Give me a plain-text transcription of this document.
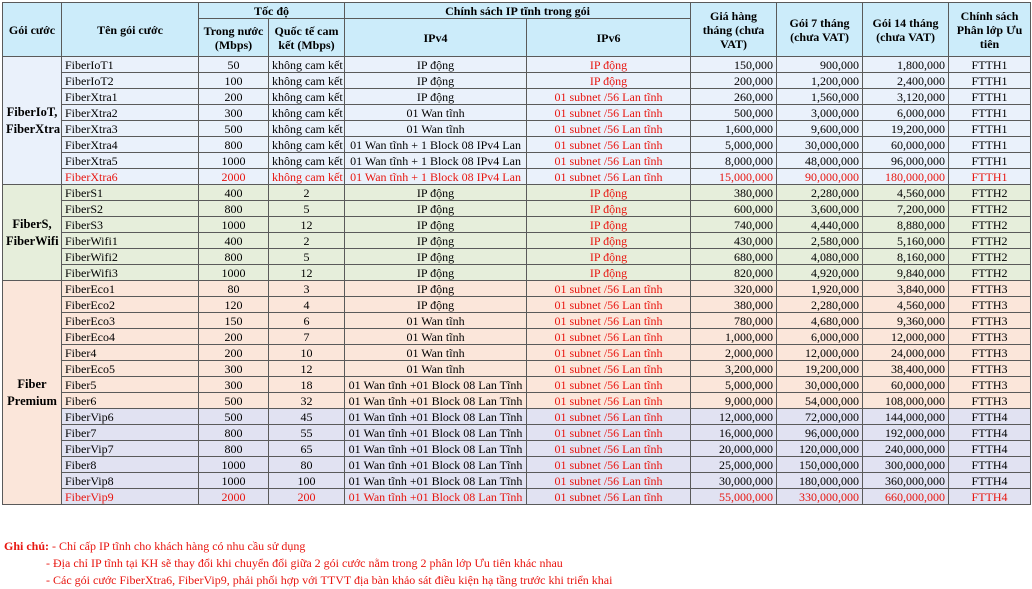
Gói cước	Tên gói cước	Tốc độ		Chính sách IP tĩnh trong gói		Giá hàng tháng (chưa VAT)	Gói 7 tháng (chưa VAT)	Gói 14 tháng (chưa VAT)	Chính sách Phân lớp Ưu tiên
		Trong nước (Mbps)	Quốc tế cam kết (Mbps)	IPv4	IPv6				
FiberIoT, FiberXtra	FiberIoT1	50	không cam kết	IP động	IP động	150,000	900,000	1,800,000	FTTH1
	FiberIoT2	100	không cam kết	IP động	IP động	200,000	1,200,000	2,400,000	FTTH1
	FiberXtra1	200	không cam kết	IP động	01 subnet /56 Lan tĩnh	260,000	1,560,000	3,120,000	FTTH1
	FiberXtra2	300	không cam kết	01 Wan tĩnh	01 subnet /56 Lan tĩnh	500,000	3,000,000	6,000,000	FTTH1
	FiberXtra3	500	không cam kết	01 Wan tĩnh	01 subnet /56 Lan tĩnh	1,600,000	9,600,000	19,200,000	FTTH1
	FiberXtra4	800	không cam kết	01 Wan tĩnh + 1 Block 08 IPv4 Lan	01 subnet /56 Lan tĩnh	5,000,000	30,000,000	60,000,000	FTTH1
	FiberXtra5	1000	không cam kết	01 Wan tĩnh + 1 Block 08 IPv4 Lan	01 subnet /56 Lan tĩnh	8,000,000	48,000,000	96,000,000	FTTH1
	FiberXtra6	2000	không cam kết	01 Wan tĩnh + 1 Block 08 IPv4 Lan	01 subnet /56 Lan tĩnh	15,000,000	90,000,000	180,000,000	FTTH1
FiberS, FiberWifi	FiberS1	400	2	IP động	IP động	380,000	2,280,000	4,560,000	FTTH2
	FiberS2	800	5	IP động	IP động	600,000	3,600,000	7,200,000	FTTH2
	FiberS3	1000	12	IP động	IP động	740,000	4,440,000	8,880,000	FTTH2
	FiberWifi1	400	2	IP động	IP động	430,000	2,580,000	5,160,000	FTTH2
	FiberWifi2	800	5	IP động	IP động	680,000	4,080,000	8,160,000	FTTH2
	FiberWifi3	1000	12	IP động	IP động	820,000	4,920,000	9,840,000	FTTH2
Fiber Premium	FiberEco1	80	3	IP động	01 subnet /56 Lan tĩnh	320,000	1,920,000	3,840,000	FTTH3
	FiberEco2	120	4	IP động	01 subnet /56 Lan tĩnh	380,000	2,280,000	4,560,000	FTTH3
	FiberEco3	150	6	01 Wan tĩnh	01 subnet /56 Lan tĩnh	780,000	4,680,000	9,360,000	FTTH3
	FiberEco4	200	7	01 Wan tĩnh	01 subnet /56 Lan tĩnh	1,000,000	6,000,000	12,000,000	FTTH3
	Fiber4	200	10	01 Wan tĩnh	01 subnet /56 Lan tĩnh	2,000,000	12,000,000	24,000,000	FTTH3
	FiberEco5	300	12	01 Wan tĩnh	01 subnet /56 Lan tĩnh	3,200,000	19,200,000	38,400,000	FTTH3
	Fiber5	300	18	01 Wan tĩnh +01 Block 08 Lan Tĩnh	01 subnet /56 Lan tĩnh	5,000,000	30,000,000	60,000,000	FTTH3
	Fiber6	500	32	01 Wan tĩnh +01 Block 08 Lan Tĩnh	01 subnet /56 Lan tĩnh	9,000,000	54,000,000	108,000,000	FTTH3
	FiberVip6	500	45	01 Wan tĩnh +01 Block 08 Lan Tĩnh	01 subnet /56 Lan tĩnh	12,000,000	72,000,000	144,000,000	FTTH4
	Fiber7	800	55	01 Wan tĩnh +01 Block 08 Lan Tĩnh	01 subnet /56 Lan tĩnh	16,000,000	96,000,000	192,000,000	FTTH4
	FiberVip7	800	65	01 Wan tĩnh +01 Block 08 Lan Tĩnh	01 subnet /56 Lan tĩnh	20,000,000	120,000,000	240,000,000	FTTH4
	Fiber8	1000	80	01 Wan tĩnh +01 Block 08 Lan Tĩnh	01 subnet /56 Lan tĩnh	25,000,000	150,000,000	300,000,000	FTTH4
	FiberVip8	1000	100	01 Wan tĩnh +01 Block 08 Lan Tĩnh	01 subnet /56 Lan tĩnh	30,000,000	180,000,000	360,000,000	FTTH4
	FiberVip9	2000	200	01 Wan tĩnh +01 Block 08 Lan Tĩnh	01 subnet /56 Lan tĩnh	55,000,000	330,000,000	660,000,000	FTTH4
Ghi chú: - Chỉ cấp IP tĩnh cho khách hàng có nhu cầu sử dụng
- Địa chỉ IP tĩnh tại KH sẽ thay đổi khi chuyển đổi giữa 2 gói cước nằm trong 2 phân lớp Ưu tiên khác nhau
- Các gói cước FiberXtra6, FiberVip9, phải phối hợp với TTVT địa bàn khảo sát điều kiện hạ tầng trước khi triển khai
